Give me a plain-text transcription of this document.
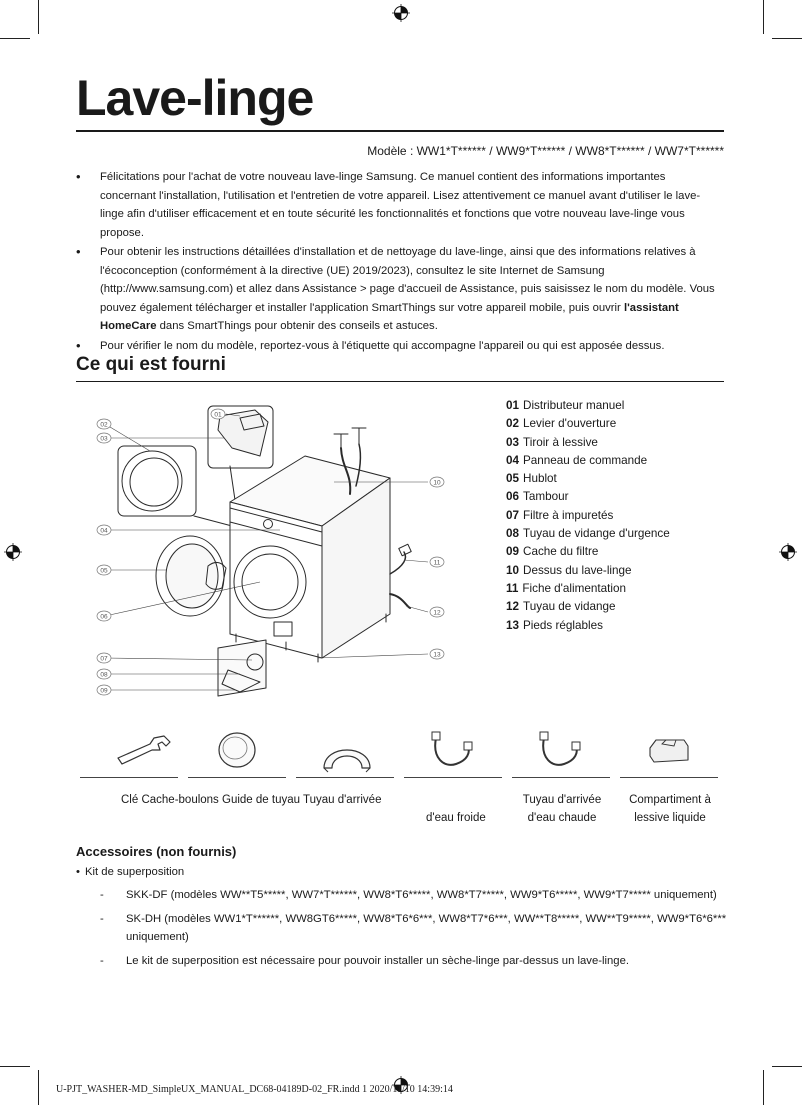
Lave-linge
Modèle : WW1*T****** / WW9*T****** / WW8*T****** / WW7*T******
• Félicitations pour l'achat de votre nouveau lave-linge Samsung. Ce manuel contient des informations importantes concernant l'installation, l'utilisation et l'entretien de votre appareil. Lisez attentivement ce manuel avant d'utiliser le lave-linge afin d'utiliser efficacement et en toute sécurité les fonctionnalités et fonctions que votre nouveau lave-linge vous propose.
• Pour obtenir les instructions détaillées d'installation et de nettoyage du lave-linge, ainsi que des informations relatives à l'écoconception (conformément à la directive (UE) 2019/2023), consultez le site Internet de Samsung (http://www.samsung.com) et allez dans Assistance > page d'accueil de Assistance, puis saisissez le nom du modèle. Vous pouvez également télécharger et installer l'application SmartThings sur votre appareil mobile, puis ouvrir l'assistant HomeCare dans SmartThings pour obtenir des conseils et astuces.
• Pour vérifier le nom du modèle, reportez-vous à l'étiquette qui accompagne l'appareil ou qui est apposée dessus.
Ce qui est fourni
01
02
03
04
05
06
07
08
09
10
11
12
13
01 Distributeur manuel
02 Levier d'ouverture
03 Tiroir à lessive
04 Panneau de commande
05 Hublot
06 Tambour
07 Filtre à impuretés
08 Tuyau de vidange d'urgence
09 Cache du filtre
10 Dessus du lave-linge
11 Fiche d'alimentation
12 Tuyau de vidange
13 Pieds réglables
Clé Cache-boulons Guide de tuyau Tuyau d'arrivée
d'eau froide
Tuyau d'arrivée
d'eau chaude
Compartiment à
lessive liquide
Accessoires (non fournis)
• Kit de superposition
- SKK-DF (modèles WW**T5*****, WW7*T******, WW8*T6*****, WW8*T7*****, WW9*T6*****, WW9*T7***** uniquement)
- SK-DH (modèles WW1*T******, WW8GT6*****, WW8*T6*6***, WW8*T7*6***, WW**T8*****, WW**T9*****, WW9*T6*6*** uniquement)
- Le kit de superposition est nécessaire pour pouvoir installer un sèche-linge par-dessus un lave-linge.
U-PJT_WASHER-MD_SimpleUX_MANUAL_DC68-04189D-02_FR.indd 1 2020/11/10 14:39:14
